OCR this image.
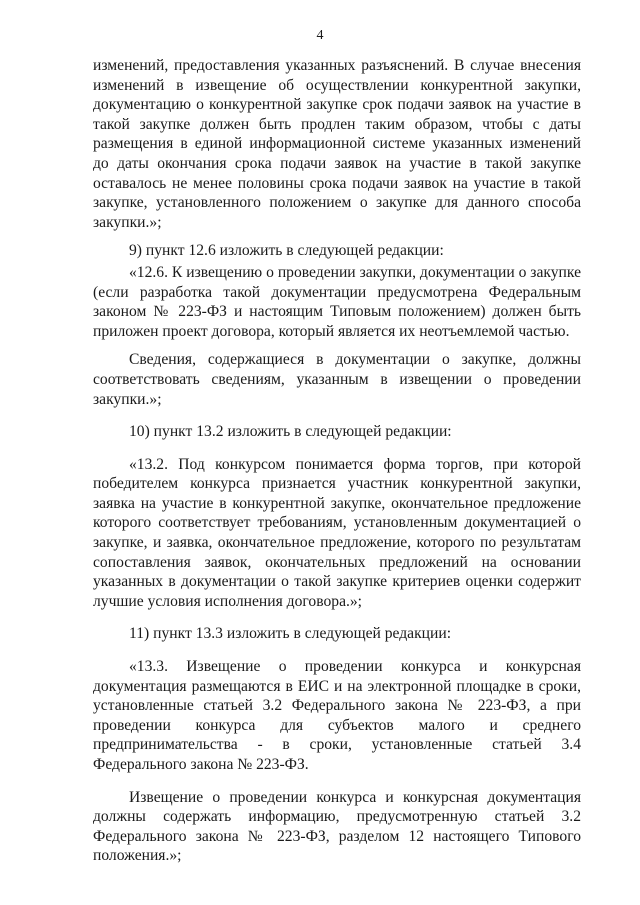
4

изменений, предоставления указанных разъяснений. В случае внесения изменений в извещение об осуществлении конкурентной закупки, документацию о конкурентной закупке срок подачи заявок на участие в такой закупке должен быть продлен таким образом, чтобы с даты размещения в единой информационной системе указанных изменений до даты окончания срока подачи заявок на участие в такой закупке оставалось не менее половины срока подачи заявок на участие в такой закупке, установленного положением о закупке для данного способа закупки.»;

9) пункт 12.6 изложить в следующей редакции:

«12.6. К извещению о проведении закупки, документации о закупке (если разработка такой документации предусмотрена Федеральным законом № 223-ФЗ и настоящим Типовым положением) должен быть приложен проект договора, который является их неотъемлемой частью.

Сведения, содержащиеся в документации о закупке, должны соответствовать сведениям, указанным в извещении о проведении закупки.»;

10) пункт 13.2 изложить в следующей редакции:

«13.2. Под конкурсом понимается форма торгов, при которой победителем конкурса признается участник конкурентной закупки, заявка на участие в конкурентной закупке, окончательное предложение которого соответствует требованиям, установленным документацией о закупке, и заявка, окончательное предложение, которого по результатам сопоставления заявок, окончательных предложений на основании указанных в документации о такой закупке критериев оценки содержит лучшие условия исполнения договора.»;

11) пункт 13.3 изложить в следующей редакции:

«13.3. Извещение о проведении конкурса и конкурсная документация размещаются в ЕИС и на электронной площадке в сроки, установленные статьей 3.2 Федерального закона № 223-ФЗ, а при проведении конкурса для субъектов малого и среднего предпринимательства - в сроки, установленные статьей 3.4 Федерального закона № 223-ФЗ.

Извещение о проведении конкурса и конкурсная документация должны содержать информацию, предусмотренную статьей 3.2 Федерального закона № 223-ФЗ, разделом 12 настоящего Типового положения.»;
